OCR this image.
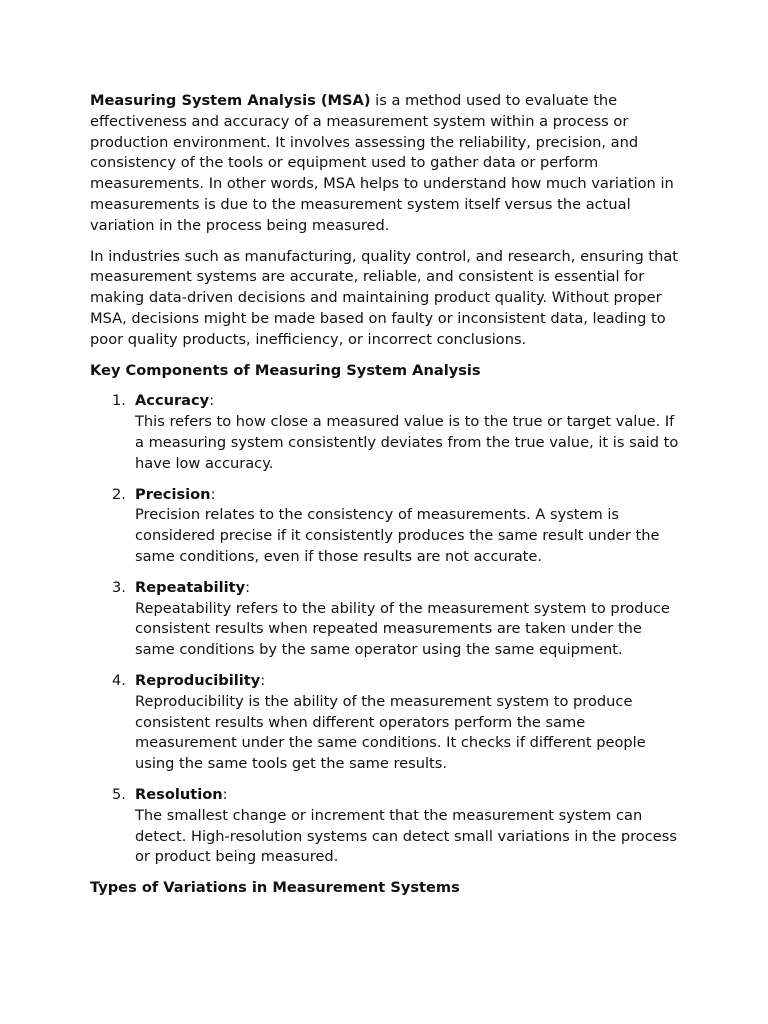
Measuring System Analysis (MSA) is a method used to evaluate the effectiveness and accuracy of a measurement system within a process or production environment. It involves assessing the reliability, precision, and consistency of the tools or equipment used to gather data or perform measurements. In other words, MSA helps to understand how much variation in measurements is due to the measurement system itself versus the actual variation in the process being measured.

In industries such as manufacturing, quality control, and research, ensuring that measurement systems are accurate, reliable, and consistent is essential for making data-driven decisions and maintaining product quality. Without proper MSA, decisions might be made based on faulty or inconsistent data, leading to poor quality products, inefficiency, or incorrect conclusions.

Key Components of Measuring System Analysis
1. Accuracy:
This refers to how close a measured value is to the true or target value. If a measuring system consistently deviates from the true value, it is said to have low accuracy.
2. Precision:
Precision relates to the consistency of measurements. A system is considered precise if it consistently produces the same result under the same conditions, even if those results are not accurate.
3. Repeatability:
Repeatability refers to the ability of the measurement system to produce consistent results when repeated measurements are taken under the same conditions by the same operator using the same equipment.
4. Reproducibility:
Reproducibility is the ability of the measurement system to produce consistent results when different operators perform the same measurement under the same conditions. It checks if different people using the same tools get the same results.
5. Resolution:
The smallest change or increment that the measurement system can detect. High-resolution systems can detect small variations in the process or product being measured.
Types of Variations in Measurement Systems
